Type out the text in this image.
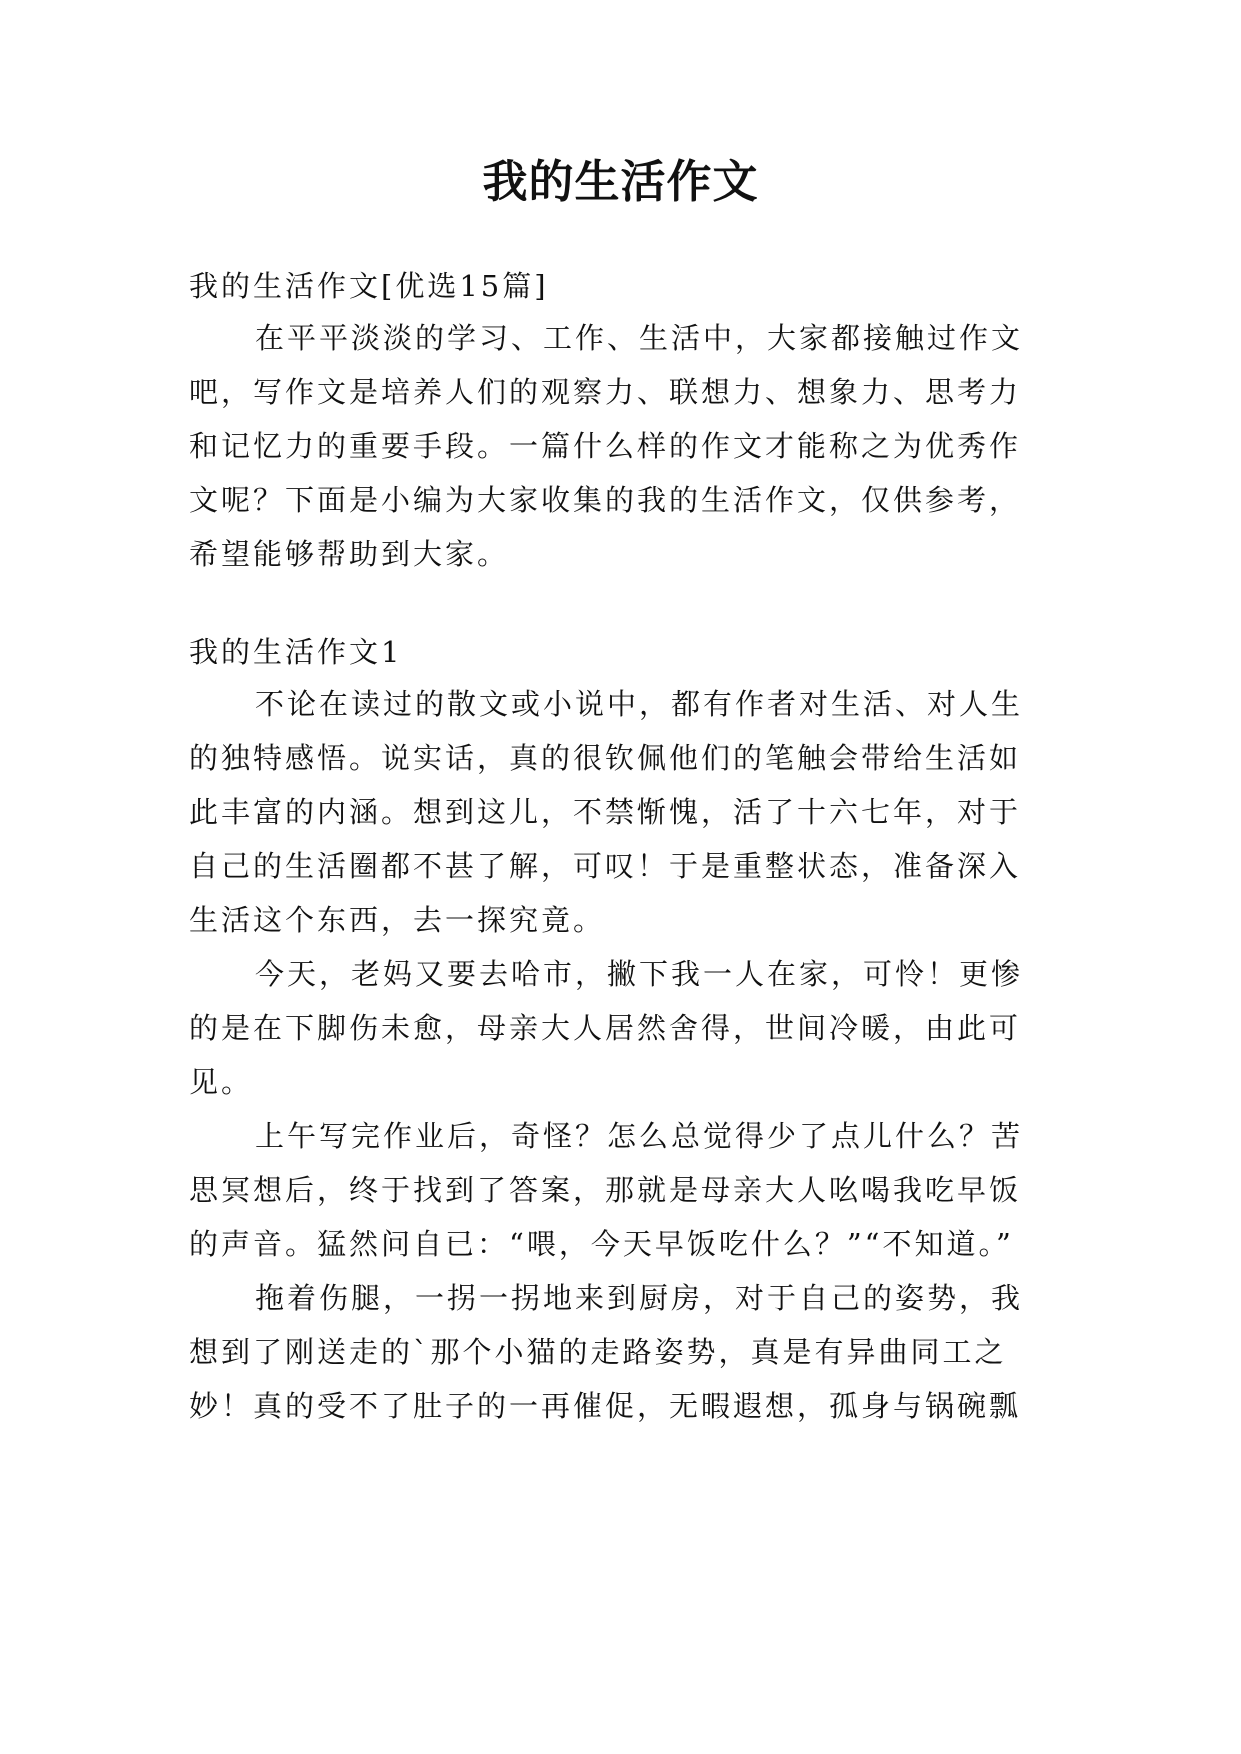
我的生活作文
我的生活作文[优选15篇]
在平平淡淡的学习、工作、生活中，大家都接触过作文
吧，写作文是培养人们的观察力、联想力、想象力、思考力
和记忆力的重要手段。一篇什么样的作文才能称之为优秀作
文呢？下面是小编为大家收集的我的生活作文，仅供参考，
希望能够帮助到大家。
我的生活作文1
不论在读过的散文或小说中，都有作者对生活、对人生
的独特感悟。说实话，真的很钦佩他们的笔触会带给生活如
此丰富的内涵。想到这儿，不禁惭愧，活了十六七年，对于
自己的生活圈都不甚了解，可叹！于是重整状态，准备深入
生活这个东西，去一探究竟。
今天，老妈又要去哈市，撇下我一人在家，可怜！更惨
的是在下脚伤未愈，母亲大人居然舍得，世间冷暖，由此可
见。
上午写完作业后，奇怪？怎么总觉得少了点儿什么？苦
思冥想后，终于找到了答案，那就是母亲大人吆喝我吃早饭
的声音。猛然问自已：“喂，今天早饭吃什么？”“不知道。”
拖着伤腿，一拐一拐地来到厨房，对于自己的姿势，我
想到了刚送走的`那个小猫的走路姿势，真是有异曲同工之
妙！真的受不了肚子的一再催促，无暇遐想，孤身与锅碗瓢
